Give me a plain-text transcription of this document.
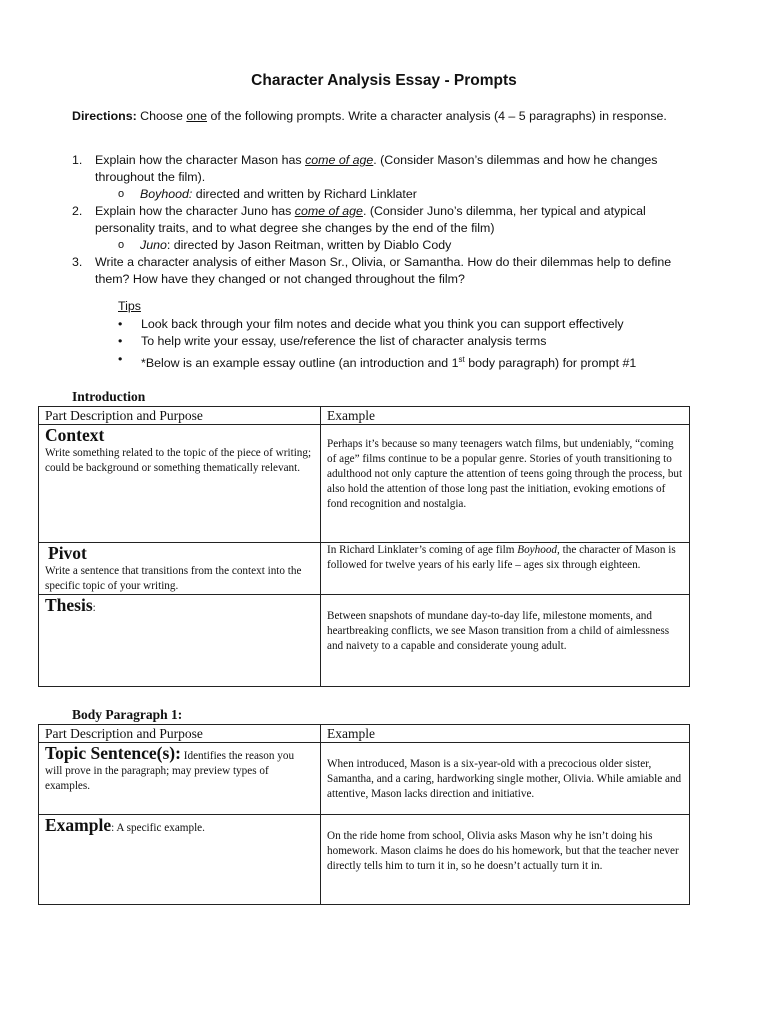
Character Analysis Essay - Prompts
Directions: Choose one of the following prompts. Write a character analysis (4 – 5 paragraphs) in response.
1. Explain how the character Mason has come of age. (Consider Mason’s dilemmas and how he changes throughout the film).
o Boyhood: directed and written by Richard Linklater
2. Explain how the character Juno has come of age. (Consider Juno’s dilemma, her typical and atypical personality traits, and to what degree she changes by the end of the film)
o Juno: directed by Jason Reitman, written by Diablo Cody
3. Write a character analysis of either Mason Sr., Olivia, or Samantha. How do their dilemmas help to define them? How have they changed or not changed throughout the film?
Tips
• Look back through your film notes and decide what you think you can support effectively
• To help write your essay, use/reference the list of character analysis terms
• *Below is an example essay outline (an introduction and 1st body paragraph) for prompt #1
Introduction
Part Description and Purpose	Example

Context
Write something related to the topic of the piece of writing; could be background or something thematically relevant.	Perhaps it’s because so many teenagers watch films, but undeniably, “coming of age” films continue to be a popular genre. Stories of youth transitioning to adulthood not only capture the attention of teens going through the process, but also hold the attention of those long past the initiation, evoking emotions of fond recognition and nostalgia.

Pivot
Write a sentence that transitions from the context into the specific topic of your writing.	In Richard Linklater’s coming of age film Boyhood, the character of Mason is followed for twelve years of his early life – ages six through eighteen.

Thesis:	Between snapshots of mundane day-to-day life, milestone moments, and heartbreaking conflicts, we see Mason transition from a child of aimlessness and naivety to a capable and considerate young adult.
Body Paragraph 1:
Part Description and Purpose	Example

Topic Sentence(s): Identifies the reason you will prove in the paragraph; may preview types of examples.	When introduced, Mason is a six-year-old with a precocious older sister, Samantha, and a caring, hardworking single mother, Olivia. While amiable and attentive, Mason lacks direction and initiative.

Example: A specific example.	On the ride home from school, Olivia asks Mason why he isn’t doing his homework. Mason claims he does do his homework, but that the teacher never directly tells him to turn it in, so he doesn’t actually turn it in.
